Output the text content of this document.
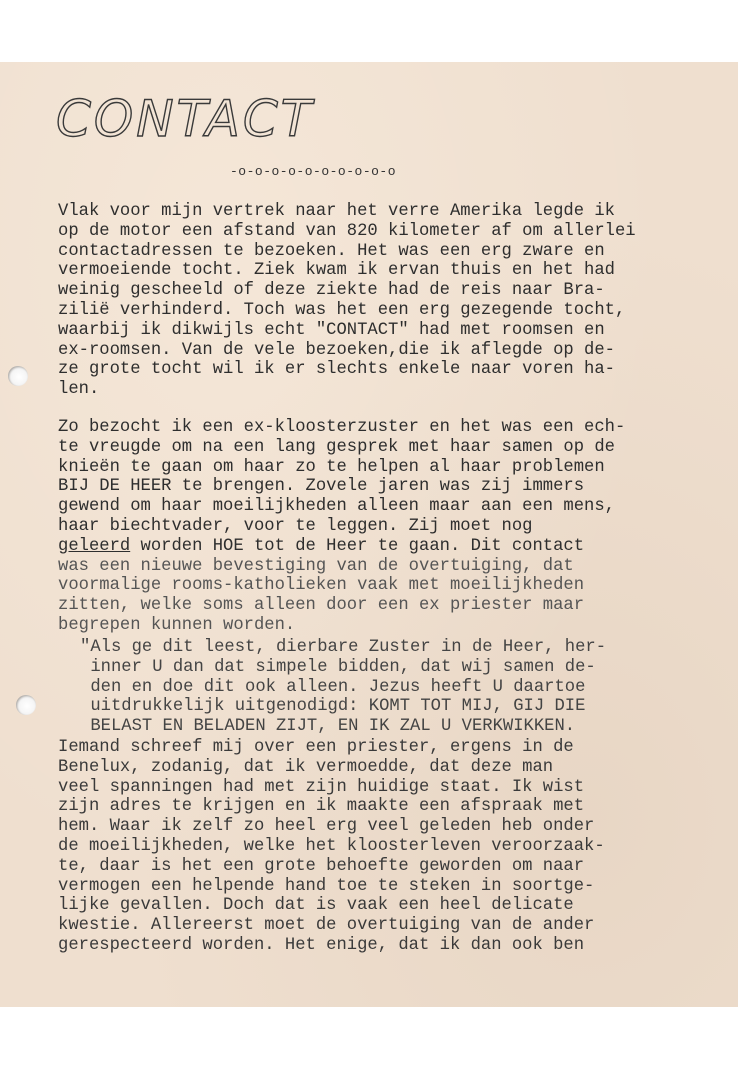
CONTACT
-o-o-o-o-o-o-o-o-o-o
Vlak voor mijn vertrek naar het verre Amerika legde ik
op de motor een afstand van 820 kilometer af om allerlei
contactadressen te bezoeken. Het was een erg zware en
vermoeiende tocht. Ziek kwam ik ervan thuis en het had
weinig gescheeld of deze ziekte had de reis naar Bra-
zilië verhinderd. Toch was het een erg gezegende tocht,
waarbij ik dikwijls echt "CONTACT" had met roomsen en
ex-roomsen. Van de vele bezoeken,die ik aflegde op de-
ze grote tocht wil ik er slechts enkele naar voren ha-
len.
Zo bezocht ik een ex-kloosterzuster en het was een ech-
te vreugde om na een lang gesprek met haar samen op de
knieën te gaan om haar zo te helpen al haar problemen
BIJ DE HEER te brengen. Zovele jaren was zij immers
gewend om haar moeilijkheden alleen maar aan een mens,
haar biechtvader, voor te leggen. Zij moet nog
geleerd worden HOE tot de Heer te gaan. Dit contact
was een nieuwe bevestiging van de overtuiging, dat
voormalige rooms-katholieken vaak met moeilijkheden
zitten, welke soms alleen door een ex priester maar
begrepen kunnen worden.
"Als ge dit leest, dierbare Zuster in de Heer, her-
inner U dan dat simpele bidden, dat wij samen de-
den en doe dit ook alleen. Jezus heeft U daartoe
uitdrukkelijk uitgenodigd: KOMT TOT MIJ, GIJ DIE
BELAST EN BELADEN ZIJT, EN IK ZAL U VERKWIKKEN.
Iemand schreef mij over een priester, ergens in de
Benelux, zodanig, dat ik vermoedde, dat deze man
veel spanningen had met zijn huidige staat. Ik wist
zijn adres te krijgen en ik maakte een afspraak met
hem. Waar ik zelf zo heel erg veel geleden heb onder
de moeilijkheden, welke het kloosterleven veroorzaak-
te, daar is het een grote behoefte geworden om naar
vermogen een helpende hand toe te steken in soortge-
lijke gevallen. Doch dat is vaak een heel delicate
kwestie. Allereerst moet de overtuiging van de ander
gerespecteerd worden. Het enige, dat ik dan ook ben
